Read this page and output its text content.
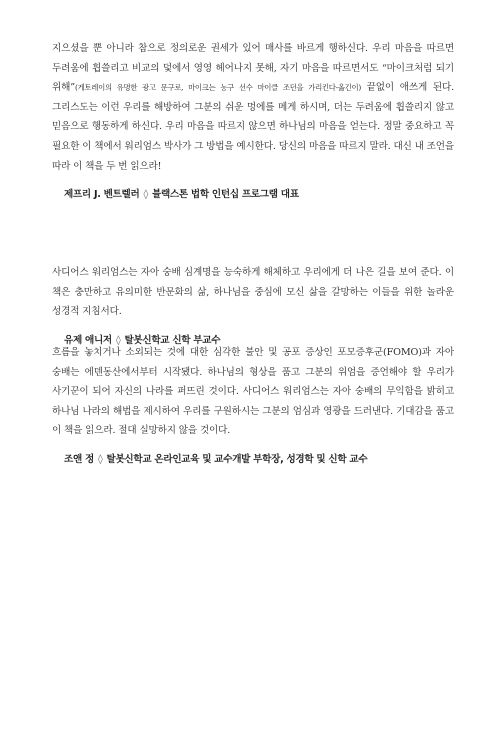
지으셨을 뿐 아니라 참으로 정의로운 권세가 있어 매사를 바르게 행하신다. 우리 마음을 따르면 두려움에 휩쓸리고 비교의 덫에서 영영 헤어나지 못해, 자기 마음을 따르면서도 “마이크처럼 되기 위해”(게토레이의 유명한 광고 문구로, 마이크는 농구 선수 마이클 조던을 가리킨다-옮긴이) 끝없이 애쓰게 된다. 그리스도는 이런 우리를 해방하여 그분의 쉬운 멍에를 메게 하시며, 더는 두려움에 휩쓸리지 않고 믿음으로 행동하게 하신다. 우리 마음을 따르지 않으면 하나님의 마음을 얻는다. 정말 중요하고 꼭 필요한 이 책에서 워리엄스 박사가 그 방법을 예시한다. 당신의 마음을 따르지 말라. 대신 내 조언을 따라 이 책을 두 번 읽으라!

제프리 J. 벤트렐러 ◊ 블랙스톤 법학 인턴십 프로그램 대표

사디어스 워리엄스는 자아 숭배 심계명을 능숙하게 해체하고 우리에게 더 나은 길을 보여 준다. 이 책은 충만하고 유의미한 반문화의 삶, 하나님을 중심에 모신 삶을 갈망하는 이들을 위한 놀라운 성경적 지침서다.

유제 애니저 ◊ 탈봇신학교 신학 부교수

흐름을 놓치거나 소외되는 것에 대한 심각한 불안 및 공포 증상인 포모증후군(FOMO)과 자아 숭배는 에덴동산에서부터 시작됐다. 하나님의 형상을 품고 그분의 위엄을 증언해야 할 우리가 사기꾼이 되어 자신의 나라를 퍼뜨린 것이다. 사디어스 워리엄스는 자아 숭배의 무익함을 밝히고 하나님 나라의 해법을 제시하여 우리를 구원하시는 그분의 엄심과 영광을 드러낸다. 기대감을 품고 이 책을 읽으라. 절대 실망하지 않을 것이다.

조앤 정 ◊ 탈봇신학교 온라인교육 및 교수개발 부학장, 성경학 및 신학 교수
